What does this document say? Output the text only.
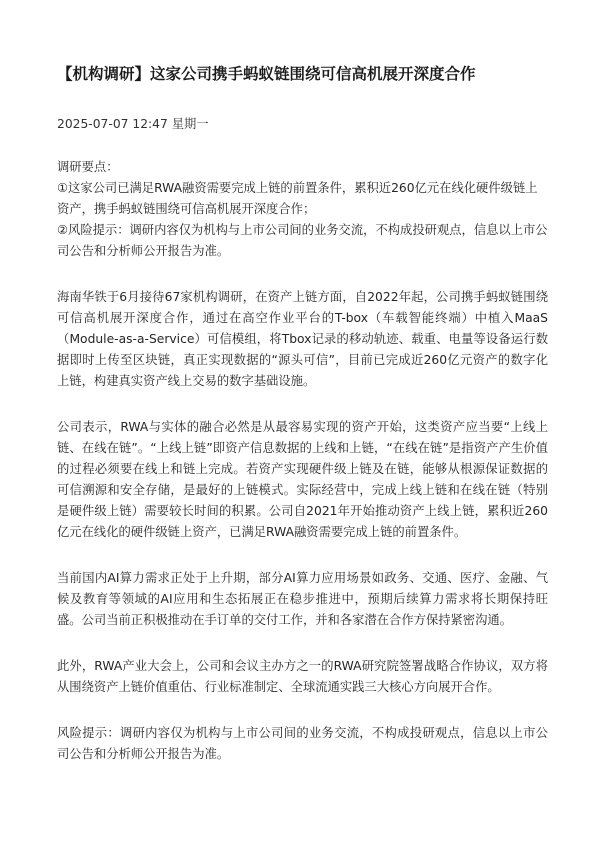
【机构调研】这家公司携手蚂蚁链围绕可信高机展开深度合作
2025-07-07 12:47 星期一

调研要点：

①这家公司已满足RWA融资需要完成上链的前置条件，累积近260亿元在线化硬件级链上资产，携手蚂蚁链围绕可信高机展开深度合作；

②风险提示：调研内容仅为机构与上市公司间的业务交流，不构成投研观点，信息以上市公司公告和分析师公开报告为准。

海南华铁于6月接待67家机构调研，在资产上链方面，自2022年起，公司携手蚂蚁链围绕可信高机展开深度合作，通过在高空作业平台的T-box（车载智能终端）中植入MaaS（Module-as-a-Service）可信模组，将Tbox记录的移动轨迹、载重、电量等设备运行数据即时上传至区块链，真正实现数据的“源头可信”，目前已完成近260亿元资产的数字化上链，构建真实资产线上交易的数字基础设施。

公司表示，RWA与实体的融合必然是从最容易实现的资产开始，这类资产应当要“上线上链、在线在链”。“上线上链”即资产信息数据的上线和上链，“在线在链”是指资产产生价值的过程必须要在线上和链上完成。若资产实现硬件级上链及在链，能够从根源保证数据的可信溯源和安全存储，是最好的上链模式。实际经营中，完成上线上链和在线在链（特别是硬件级上链）需要较长时间的积累。公司自2021年开始推动资产上线上链，累积近260亿元在线化的硬件级链上资产，已满足RWA融资需要完成上链的前置条件。

当前国内AI算力需求正处于上升期，部分AI算力应用场景如政务、交通、医疗、金融、气候及教育等领域的AI应用和生态拓展正在稳步推进中，预期后续算力需求将长期保持旺盛。公司当前正积极推动在手订单的交付工作，并和各家潜在合作方保持紧密沟通。

此外，RWA产业大会上，公司和会议主办方之一的RWA研究院签署战略合作协议，双方将从围绕资产上链价值重估、行业标准制定、全球流通实践三大核心方向展开合作。

风险提示：调研内容仅为机构与上市公司间的业务交流，不构成投研观点，信息以上市公司公告和分析师公开报告为准。
